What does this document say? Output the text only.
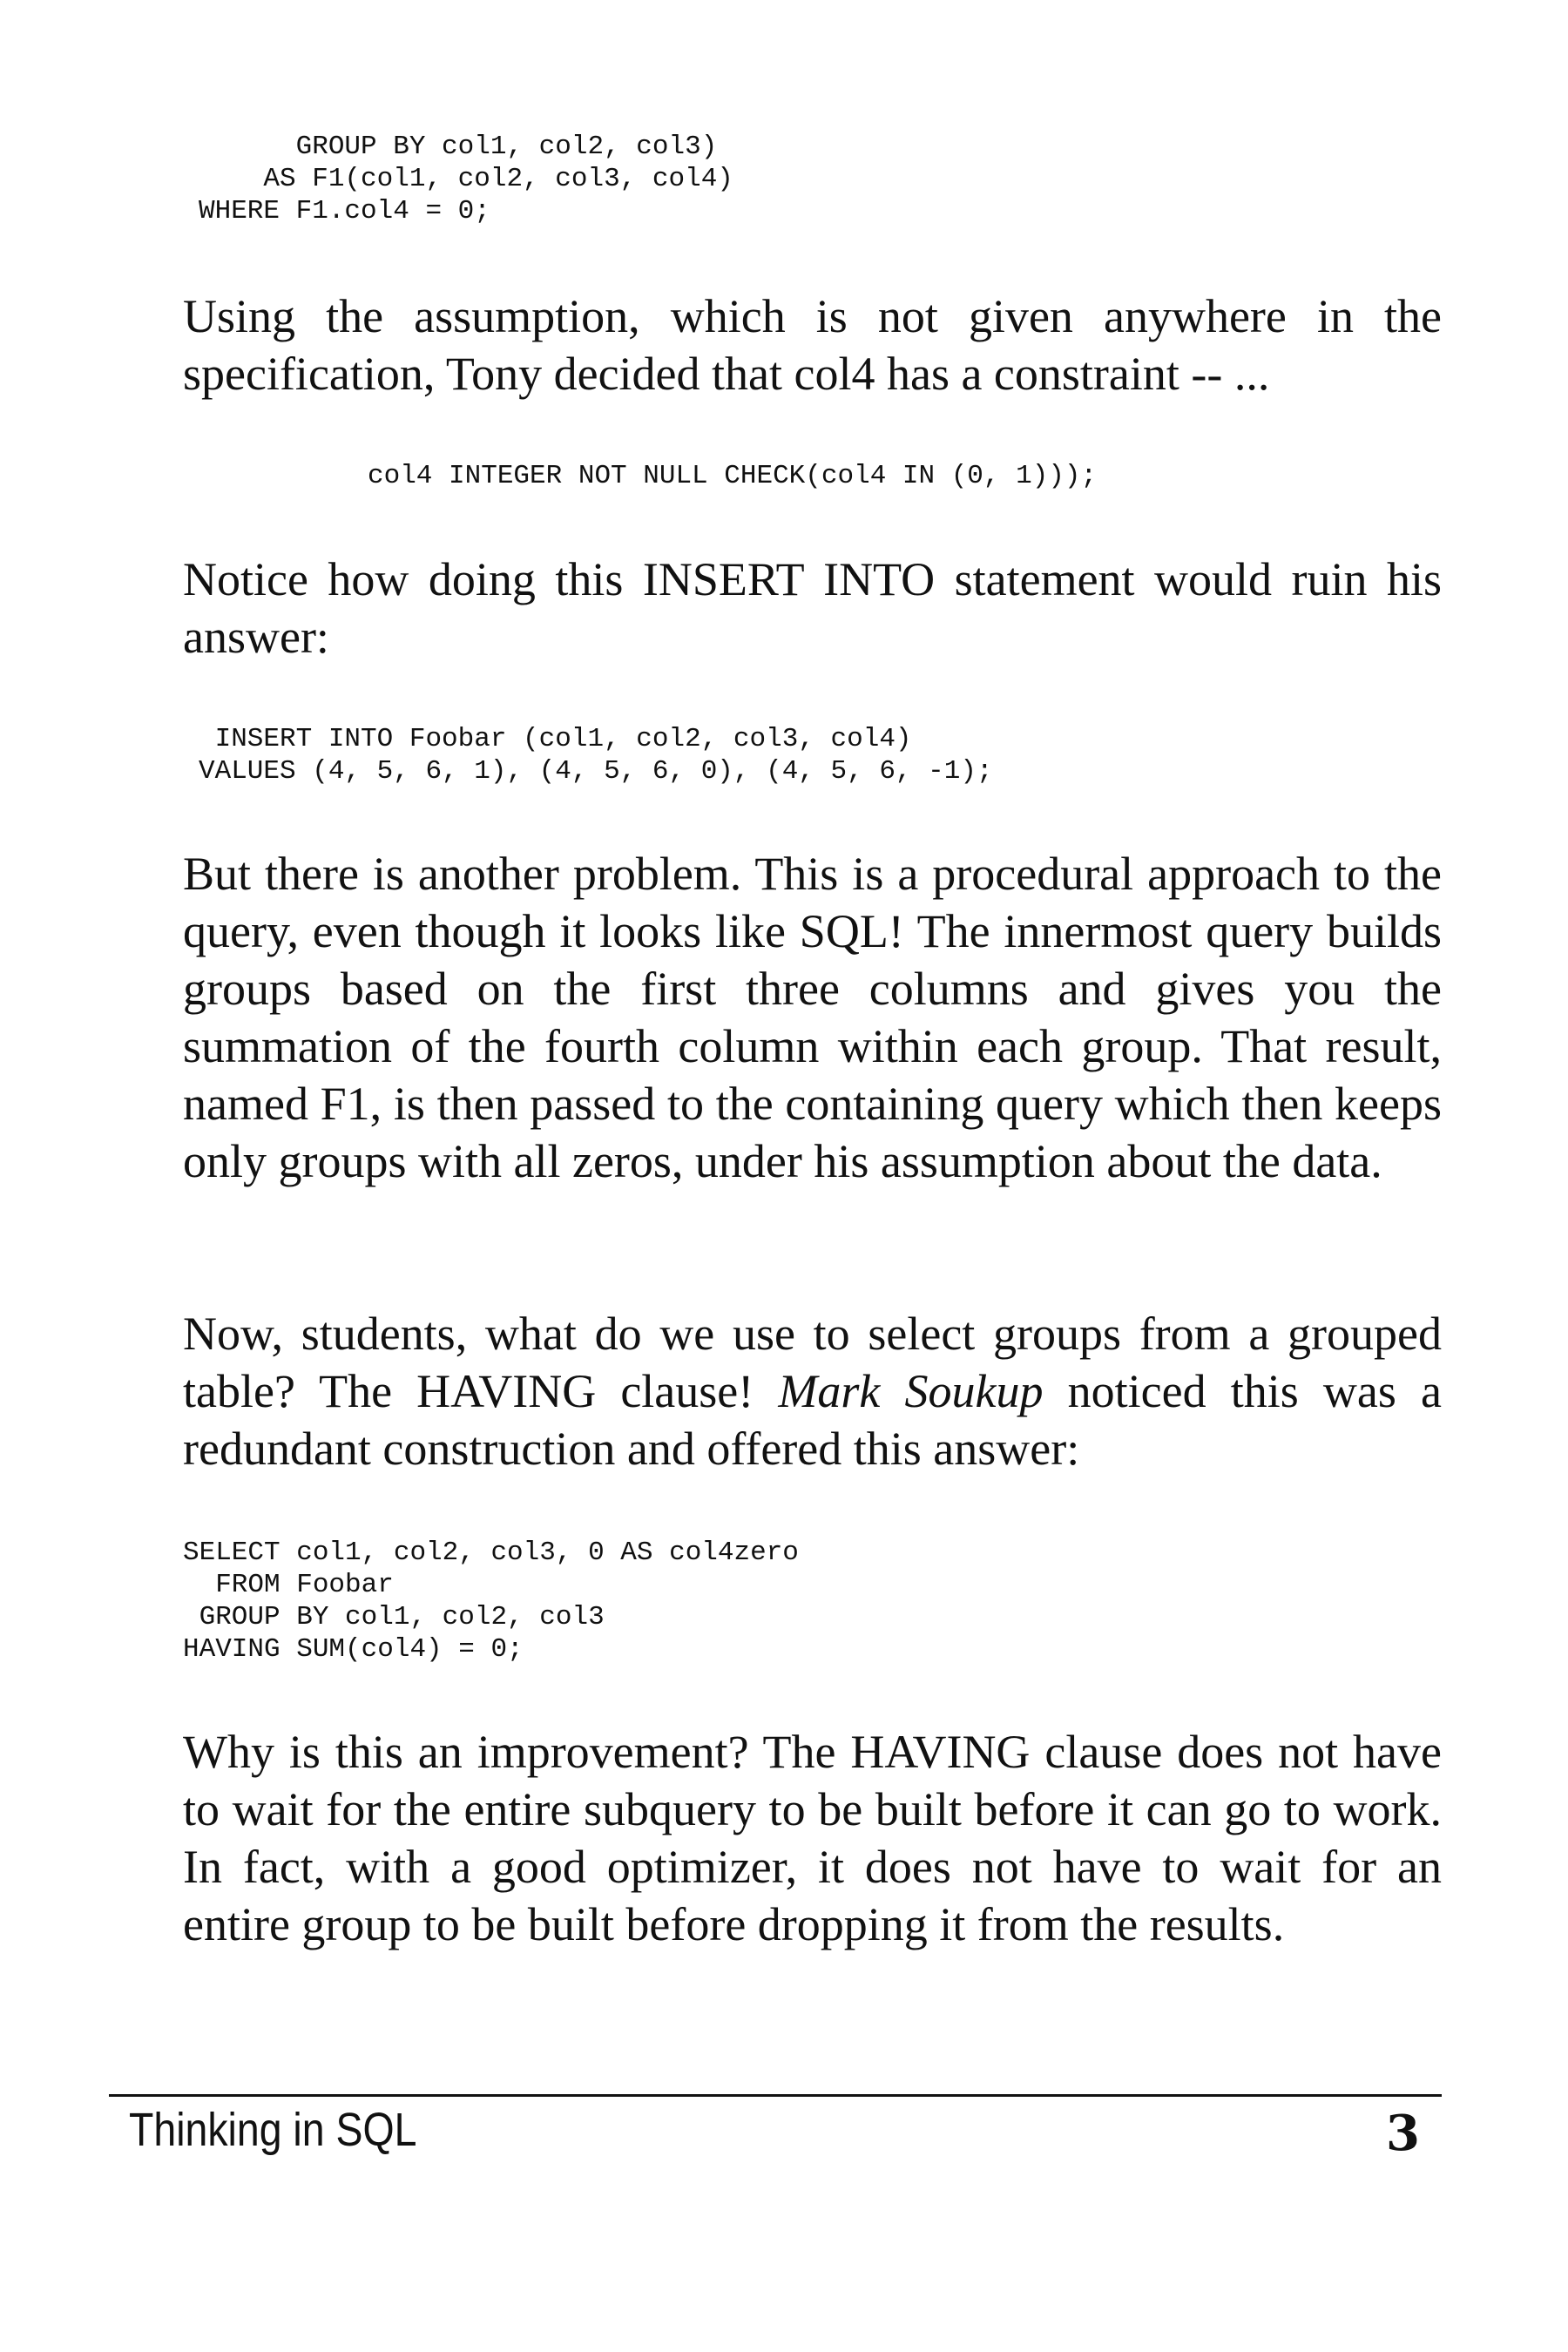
GROUP BY col1, col2, col3)
AS F1(col1, col2, col3, col4)
WHERE F1.col4 = 0;

Using the assumption, which is not given anywhere in the specification, Tony decided that col4 has a constraint -- ...

col4 INTEGER NOT NULL CHECK(col4 IN (0, 1)));

Notice how doing this INSERT INTO statement would ruin his answer:

INSERT INTO Foobar (col1, col2, col3, col4)
VALUES (4, 5, 6, 1), (4, 5, 6, 0), (4, 5, 6, -1);

But there is another problem. This is a procedural approach to the query, even though it looks like SQL! The innermost query builds groups based on the first three columns and gives you the summation of the fourth column within each group. That result, named F1, is then passed to the containing query which then keeps only groups with all zeros, under his assumption about the data.

Now, students, what do we use to select groups from a grouped table? The HAVING clause! Mark Soukup noticed this was a redundant construction and offered this answer:

SELECT col1, col2, col3, 0 AS col4zero
FROM Foobar
GROUP BY col1, col2, col3
HAVING SUM(col4) = 0;

Why is this an improvement? The HAVING clause does not have to wait for the entire subquery to be built before it can go to work. In fact, with a good optimizer, it does not have to wait for an entire group to be built before dropping it from the results.

Thinking in SQL	3
